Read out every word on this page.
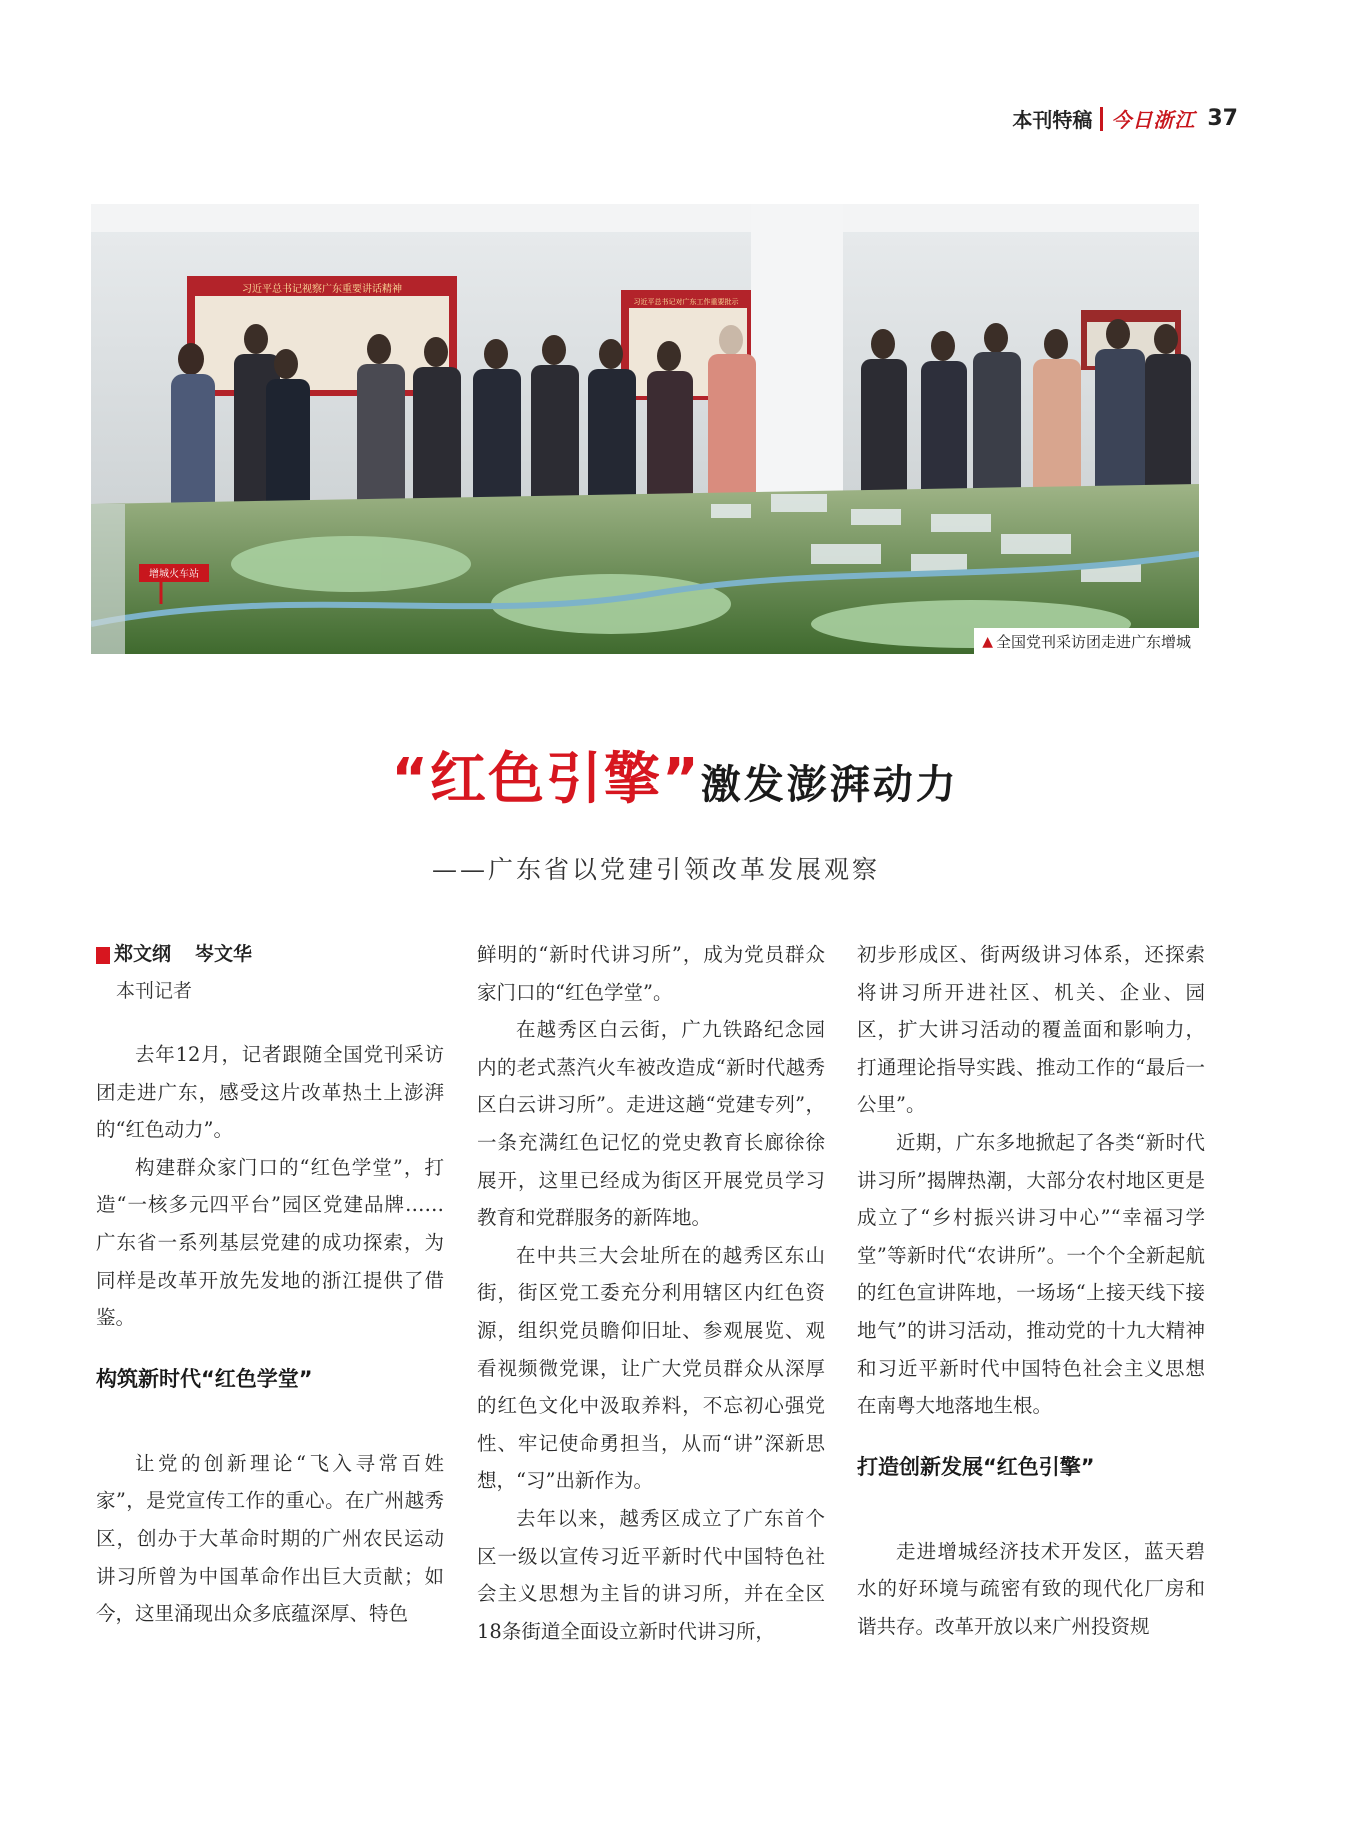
本刊特稿 今日浙江 37
习近平总书记视察广东重要讲话精神
习近平总书记对广东工作重要批示
增城火车站
▲ 全国党刊采访团走进广东增城
“红色引擎”激发澎湃动力
——广东省以党建引领改革发展观察
郑文纲 岑文华
本刊记者

去年12月，记者跟随全国党刊采访团走进广东，感受这片改革热土上澎湃的“红色动力”。

构建群众家门口的“红色学堂”，打造“一核多元四平台”园区党建品牌……广东省一系列基层党建的成功探索，为同样是改革开放先发地的浙江提供了借鉴。

构筑新时代“红色学堂”

让党的创新理论“飞入寻常百姓家”，是党宣传工作的重心。在广州越秀区，创办于大革命时期的广州农民运动讲习所曾为中国革命作出巨大贡献；如今，这里涌现出众多底蕴深厚、特色

鲜明的“新时代讲习所”，成为党员群众家门口的“红色学堂”。

在越秀区白云街，广九铁路纪念园内的老式蒸汽火车被改造成“新时代越秀区白云讲习所”。走进这趟“党建专列”，一条充满红色记忆的党史教育长廊徐徐展开，这里已经成为街区开展党员学习教育和党群服务的新阵地。

在中共三大会址所在的越秀区东山街，街区党工委充分利用辖区内红色资源，组织党员瞻仰旧址、参观展览、观看视频微党课，让广大党员群众从深厚的红色文化中汲取养料，不忘初心强党性、牢记使命勇担当，从而“讲”深新思想，“习”出新作为。

去年以来，越秀区成立了广东首个区一级以宣传习近平新时代中国特色社会主义思想为主旨的讲习所，并在全区18条街道全面设立新时代讲习所，

初步形成区、街两级讲习体系，还探索将讲习所开进社区、机关、企业、园区，扩大讲习活动的覆盖面和影响力，打通理论指导实践、推动工作的“最后一公里”。

近期，广东多地掀起了各类“新时代讲习所”揭牌热潮，大部分农村地区更是成立了“乡村振兴讲习中心”“幸福习学堂”等新时代“农讲所”。一个个全新起航的红色宣讲阵地，一场场“上接天线下接地气”的讲习活动，推动党的十九大精神和习近平新时代中国特色社会主义思想在南粤大地落地生根。

打造创新发展“红色引擎”

走进增城经济技术开发区，蓝天碧水的好环境与疏密有致的现代化厂房和谐共存。改革开放以来广州投资规
